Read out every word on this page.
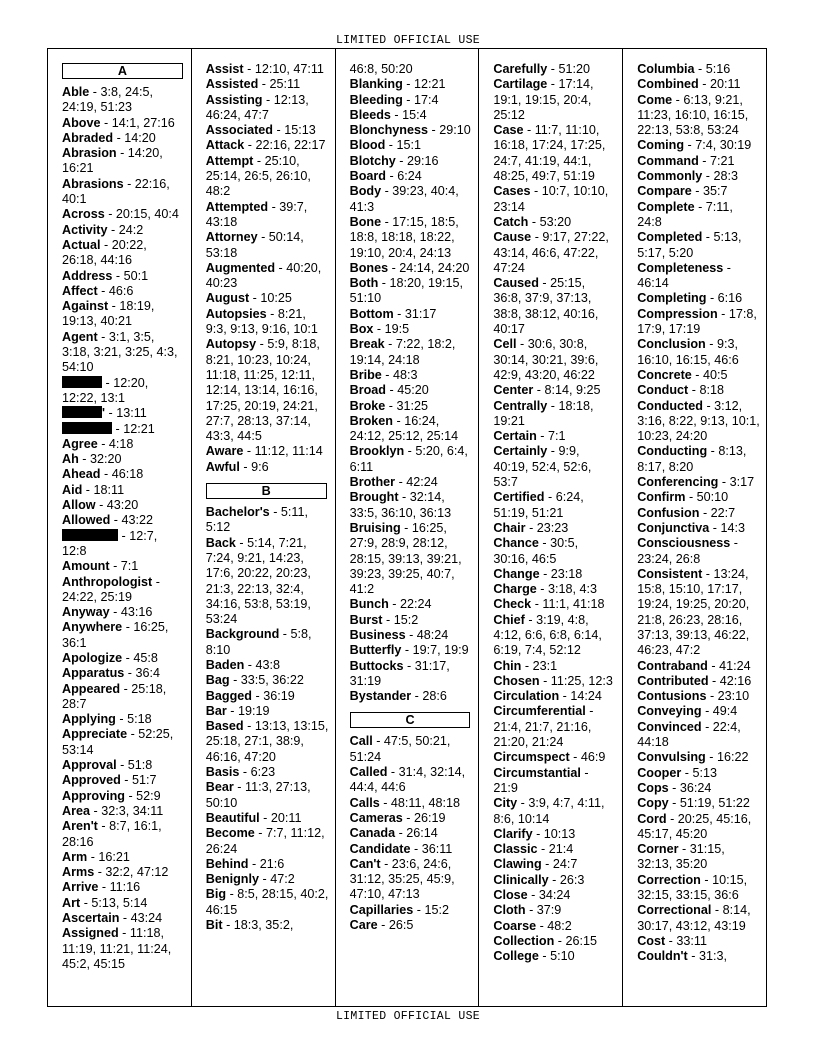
LIMITED OFFICIAL USE
A

Able - 3:8, 24:5, 24:19, 51:23

Above - 14:1, 27:16

Abraded - 14:20

Abrasion - 14:20, 16:21

Abrasions - 22:16, 40:1

Across - 20:15, 40:4

Activity - 24:2

Actual - 20:22, 26:18, 44:16

Address - 50:1

Affect - 46:6

Against - 18:19, 19:13, 40:21

Agent - 3:1, 3:5, 3:18, 3:21, 3:25, 4:3, 54:10

- 12:20, 12:22, 13:1

' - 13:11

- 12:21

Agree - 4:18

Ah - 32:20

Ahead - 46:18

Aid - 18:11

Allow - 43:20

Allowed - 43:22

- 12:7, 12:8

Amount - 7:1

Anthropologist - 24:22, 25:19

Anyway - 43:16

Anywhere - 16:25, 36:1

Apologize - 45:8

Apparatus - 36:4

Appeared - 25:18, 28:7

Applying - 5:18

Appreciate - 52:25, 53:14

Approval - 51:8

Approved - 51:7

Approving - 52:9

Area - 32:3, 34:11

Aren't - 8:7, 16:1, 28:16

Arm - 16:21

Arms - 32:2, 47:12

Arrive - 11:16

Art - 5:13, 5:14

Ascertain - 43:24

Assigned - 11:18, 11:19, 11:21, 11:24, 45:2, 45:15

Assist - 12:10, 47:11

Assisted - 25:11

Assisting - 12:13, 46:24, 47:7

Associated - 15:13

Attack - 22:16, 22:17

Attempt - 25:10, 25:14, 26:5, 26:10, 48:2

Attempted - 39:7, 43:18

Attorney - 50:14, 53:18

Augmented - 40:20, 40:23

August - 10:25

Autopsies - 8:21, 9:3, 9:13, 9:16, 10:1

Autopsy - 5:9, 8:18, 8:21, 10:23, 10:24, 11:18, 11:25, 12:11, 12:14, 13:14, 16:16, 17:25, 20:19, 24:21, 27:7, 28:13, 37:14, 43:3, 44:5

Aware - 11:12, 11:14

Awful - 9:6

B

Bachelor's - 5:11, 5:12

Back - 5:14, 7:21, 7:24, 9:21, 14:23, 17:6, 20:22, 20:23, 21:3, 22:13, 32:4, 34:16, 53:8, 53:19, 53:24

Background - 5:8, 8:10

Baden - 43:8

Bag - 33:5, 36:22

Bagged - 36:19

Bar - 19:19

Based - 13:13, 13:15, 25:18, 27:1, 38:9, 46:16, 47:20

Basis - 6:23

Bear - 11:3, 27:13, 50:10

Beautiful - 20:11

Become - 7:7, 11:12, 26:24

Behind - 21:6

Benignly - 47:2

Big - 8:5, 28:15, 40:2, 46:15

Bit - 18:3, 35:2,

46:8, 50:20

Blanking - 12:21

Bleeding - 17:4

Bleeds - 15:4

Blonchyness - 29:10

Blood - 15:1

Blotchy - 29:16

Board - 6:24

Body - 39:23, 40:4, 41:3

Bone - 17:15, 18:5, 18:8, 18:18, 18:22, 19:10, 20:4, 24:13

Bones - 24:14, 24:20

Both - 18:20, 19:15, 51:10

Bottom - 31:17

Box - 19:5

Break - 7:22, 18:2, 19:14, 24:18

Bribe - 48:3

Broad - 45:20

Broke - 31:25

Broken - 16:24, 24:12, 25:12, 25:14

Brooklyn - 5:20, 6:4, 6:11

Brother - 42:24

Brought - 32:14, 33:5, 36:10, 36:13

Bruising - 16:25, 27:9, 28:9, 28:12, 28:15, 39:13, 39:21, 39:23, 39:25, 40:7, 41:2

Bunch - 22:24

Burst - 15:2

Business - 48:24

Butterfly - 19:7, 19:9

Buttocks - 31:17, 31:19

Bystander - 28:6

C

Call - 47:5, 50:21, 51:24

Called - 31:4, 32:14, 44:4, 44:6

Calls - 48:11, 48:18

Cameras - 26:19

Canada - 26:14

Candidate - 36:11

Can't - 23:6, 24:6, 31:12, 35:25, 45:9, 47:10, 47:13

Capillaries - 15:2

Care - 26:5

Carefully - 51:20

Cartilage - 17:14, 19:1, 19:15, 20:4, 25:12

Case - 11:7, 11:10, 16:18, 17:24, 17:25, 24:7, 41:19, 44:1, 48:25, 49:7, 51:19

Cases - 10:7, 10:10, 23:14

Catch - 53:20

Cause - 9:17, 27:22, 43:14, 46:6, 47:22, 47:24

Caused - 25:15, 36:8, 37:9, 37:13, 38:8, 38:12, 40:16, 40:17

Cell - 30:6, 30:8, 30:14, 30:21, 39:6, 42:9, 43:20, 46:22

Center - 8:14, 9:25

Centrally - 18:18, 19:21

Certain - 7:1

Certainly - 9:9, 40:19, 52:4, 52:6, 53:7

Certified - 6:24, 51:19, 51:21

Chair - 23:23

Chance - 30:5, 30:16, 46:5

Change - 23:18

Charge - 3:18, 4:3

Check - 11:1, 41:18

Chief - 3:19, 4:8, 4:12, 6:6, 6:8, 6:14, 6:19, 7:4, 52:12

Chin - 23:1

Chosen - 11:25, 12:3

Circulation - 14:24

Circumferential - 21:4, 21:7, 21:16, 21:20, 21:24

Circumspect - 46:9

Circumstantial - 21:9

City - 3:9, 4:7, 4:11, 8:6, 10:14

Clarify - 10:13

Classic - 21:4

Clawing - 24:7

Clinically - 26:3

Close - 34:24

Cloth - 37:9

Coarse - 48:2

Collection - 26:15

College - 5:10

Columbia - 5:16

Combined - 20:11

Come - 6:13, 9:21, 11:23, 16:10, 16:15, 22:13, 53:8, 53:24

Coming - 7:4, 30:19

Command - 7:21

Commonly - 28:3

Compare - 35:7

Complete - 7:11, 24:8

Completed - 5:13, 5:17, 5:20

Completeness - 46:14

Completing - 6:16

Compression - 17:8, 17:9, 17:19

Conclusion - 9:3, 16:10, 16:15, 46:6

Concrete - 40:5

Conduct - 8:18

Conducted - 3:12, 3:16, 8:22, 9:13, 10:1, 10:23, 24:20

Conducting - 8:13, 8:17, 8:20

Conferencing - 3:17

Confirm - 50:10

Confusion - 22:7

Conjunctiva - 14:3

Consciousness - 23:24, 26:8

Consistent - 13:24, 15:8, 15:10, 17:17, 19:24, 19:25, 20:20, 21:8, 26:23, 28:16, 37:13, 39:13, 46:22, 46:23, 47:2

Contraband - 41:24

Contributed - 42:16

Contusions - 23:10

Conveying - 49:4

Convinced - 22:4, 44:18

Convulsing - 16:22

Cooper - 5:13

Cops - 36:24

Copy - 51:19, 51:22

Cord - 20:25, 45:16, 45:17, 45:20

Corner - 31:15, 32:13, 35:20

Correction - 10:15, 32:15, 33:15, 36:6

Correctional - 8:14, 30:17, 43:12, 43:19

Cost - 33:11

Couldn't - 31:3,

LIMITED OFFICIAL USE
